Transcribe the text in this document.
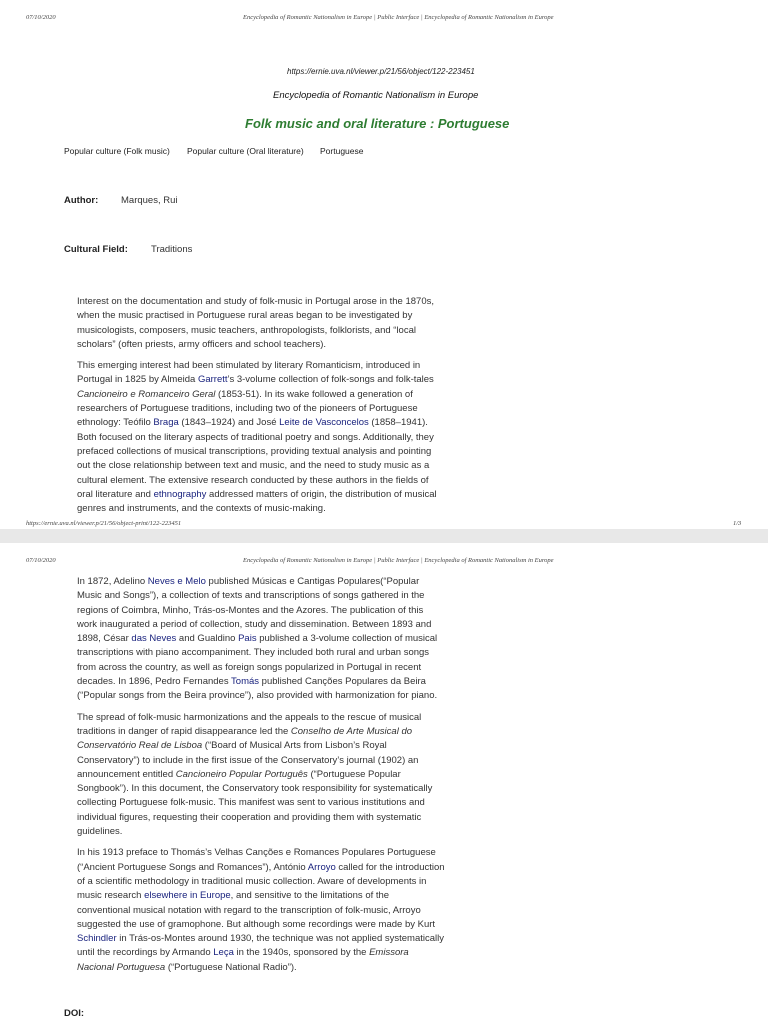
07/10/2020	Encyclopedia of Romantic Nationalism in Europe | Public Interface | Encyclopedia of Romantic Nationalism in Europe
https://ernie.uva.nl/viewer.p/21/56/object/122-223451
Encyclopedia of Romantic Nationalism in Europe
Folk music and oral literature : Portuguese
Popular culture (Folk music) Popular culture (Oral literature) Portuguese
Author: Marques, Rui
Cultural Field: Traditions

Interest on the documentation and study of folk-music in Portugal arose in the 1870s, when the music practised in Portuguese rural areas began to be investigated by musicologists, composers, music teachers, anthropologists, folklorists, and “local scholars” (often priests, army officers and school teachers).

This emerging interest had been stimulated by literary Romanticism, introduced in Portugal in 1825 by Almeida Garrett’s 3-volume collection of folk-songs and folk-tales Cancioneiro e Romanceiro Geral (1853-51). In its wake followed a generation of researchers of Portuguese traditions, including two of the pioneers of Portuguese ethnology: Teófilo Braga (1843–1924) and José Leite de Vasconcelos (1858–1941). Both focused on the literary aspects of traditional poetry and songs. Additionally, they prefaced collections of musical transcriptions, providing textual analysis and pointing out the close relationship between text and music, and the need to study music as a cultural element. The extensive research conducted by these authors in the fields of oral literature and ethnography addressed matters of origin, the distribution of musical genres and instruments, and the contexts of music-making.

https://ernie.uva.nl/viewer.p/21/56/object-print/122-223451	1/3
07/10/2020	Encyclopedia of Romantic Nationalism in Europe | Public Interface | Encyclopedia of Romantic Nationalism in Europe

In 1872, Adelino Neves e Melo published Músicas e Cantigas Populares(“Popular Music and Songs”), a collection of texts and transcriptions of songs gathered in the regions of Coimbra, Minho, Trás-os-Montes and the Azores. The publication of this work inaugurated a period of collection, study and dissemination. Between 1893 and 1898, César das Neves and Gualdino Pais published a 3-volume collection of musical transcriptions with piano accompaniment. They included both rural and urban songs from across the country, as well as foreign songs popularized in Portugal in recent decades. In 1896, Pedro Fernandes Tomás published Canções Populares da Beira (“Popular songs from the Beira province”), also provided with harmonization for piano.

The spread of folk-music harmonizations and the appeals to the rescue of musical traditions in danger of rapid disappearance led the Conselho de Arte Musical do Conservatório Real de Lisboa (“Board of Musical Arts from Lisbon’s Royal Conservatory”) to include in the first issue of the Conservatory’s journal (1902) an announcement entitled Cancioneiro Popular Português (“Portuguese Popular Songbook”). In this document, the Conservatory took responsibility for systematically collecting Portuguese folk-music. This manifest was sent to various institutions and individual figures, requesting their cooperation and providing them with systematic guidelines.

In his 1913 preface to Thomás’s Velhas Canções e Romances Populares Portuguese (“Ancient Portuguese Songs and Romances”), António Arroyo called for the introduction of a scientific methodology in traditional music collection. Aware of developments in music research elsewhere in Europe, and sensitive to the limitations of the conventional musical notation with regard to the transcription of folk-music, Arroyo suggested the use of gramophone. But although some recordings were made by Kurt Schindler in Trás-os-Montes around 1930, the technique was not applied systematically until the recordings by Armando Leça in the 1940s, sponsored by the Emissora Nacional Portuguesa (“Portuguese National Radio”).

DOI:
